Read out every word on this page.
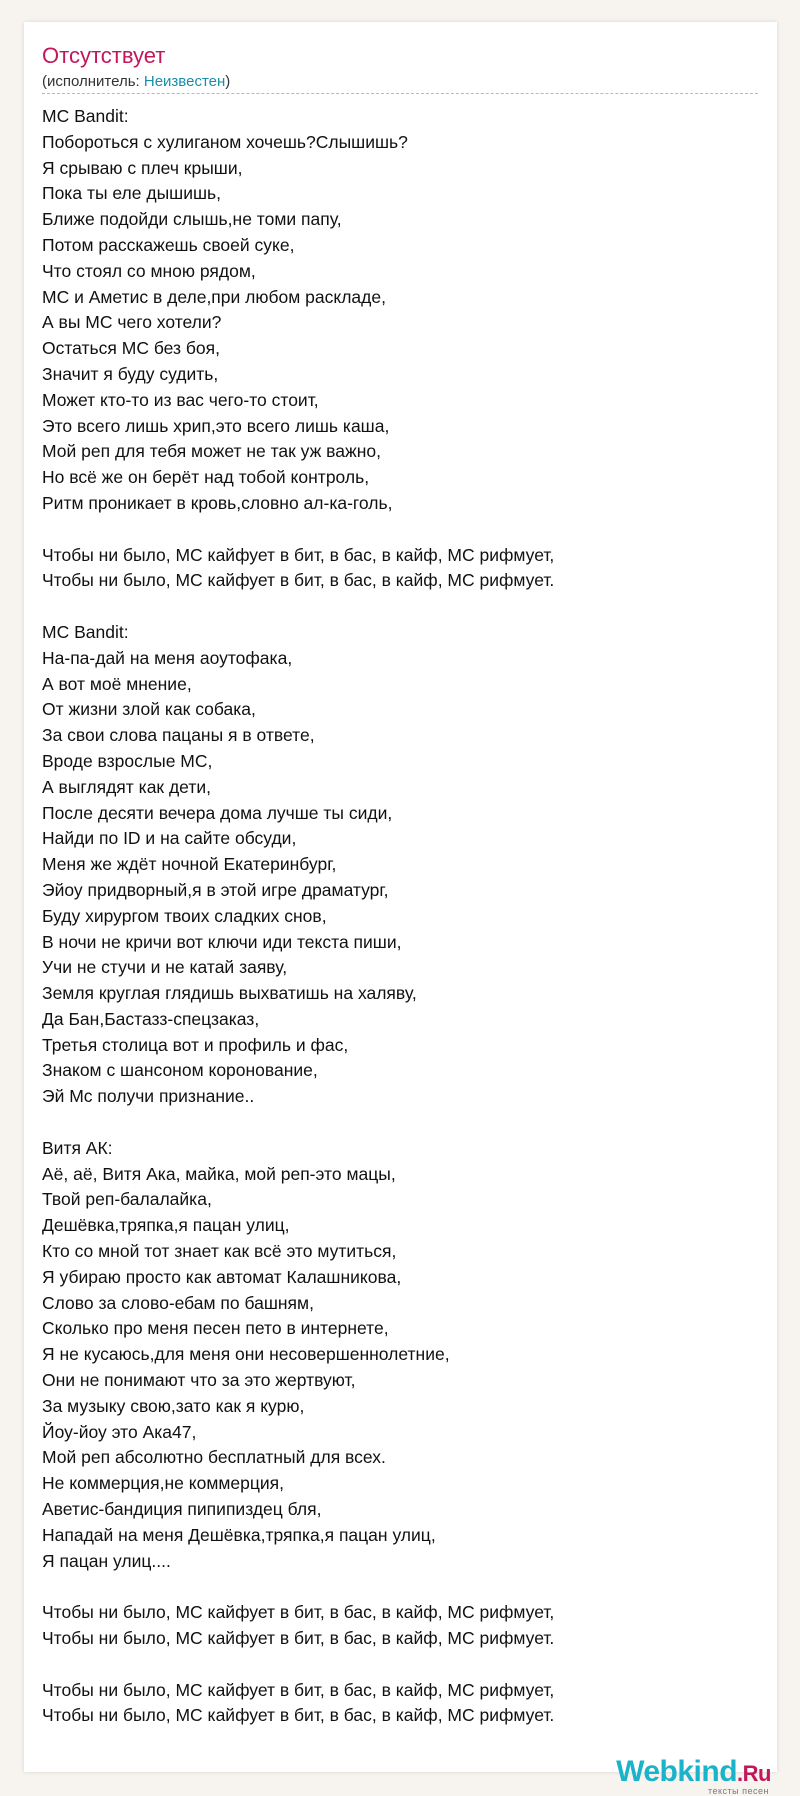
Отсутствует
(исполнитель: Неизвестен)
MC Bandit:
Побороться с хулиганом хочешь?Слышишь?
Я срываю с плеч крыши,
Пока ты еле дышишь,
Ближе подойди слышь,не томи папу,
Потом расскажешь своей суке,
Что стоял со мною рядом,
MC и Аметис в деле,при любом раскладе,
А вы MC чего хотели?
Остаться MC без боя,
Значит я буду судить,
Может кто-то из вас чего-то стоит,
Это всего лишь хрип,это всего лишь каша,
Мой реп для тебя может не так уж важно,
Но всё же он берёт над тобой контроль,
Ритм проникает в кровь,словно ал-ка-голь,
Чтобы ни было, MC кайфует в бит, в бас, в кайф, MC рифмует,
Чтобы ни было, MC кайфует в бит, в бас, в кайф, MC рифмует.
MC Bandit:
На-па-дай на меня аоутофака,
А вот моё мнение,
От жизни злой как собака,
За свои слова пацаны я в ответе,
Вроде взрослые MC,
А выглядят как дети,
После десяти вечера дома лучше ты сиди,
Найди по ID и на сайте обсуди,
Меня же ждёт ночной Екатеринбург,
Эйоу придворный,я в этой игре драматург,
Буду хирургом твоих сладких снов,
В ночи не кричи вот ключи иди текста пиши,
Учи не стучи и не катай заяву,
Земля круглая глядишь выхватишь на халяву,
Да Бан,Бастазз-спецзаказ,
Третья столица вот и профиль и фас,
Знаком с шансоном коронование,
Эй Mc получи признание..
Витя АК:
Аё, аё, Витя Ака, майка, мой реп-это мацы,
Твой реп-балалайка,
Дешёвка,тряпка,я пацан улиц,
Кто со мной тот знает как всё это мутиться,
Я убираю просто как автомат Калашникова,
Слово за слово-ебам по башням,
Сколько про меня песен пето в интернете,
Я не кусаюсь,для меня они несовершеннолетние,
Они не понимают что за это жертвуют,
За музыку свою,зато как я курю,
Йоу-йоу это Ака47,
Мой реп абсолютно бесплатный для всех.
Не коммерция,не коммерция,
Аветис-бандиция пипипиздец бля,
Нападай на меня Дешёвка,тряпка,я пацан улиц,
Я пацан улиц....
Чтобы ни было, MC кайфует в бит, в бас, в кайф, MC рифмует,
Чтобы ни было, MC кайфует в бит, в бас, в кайф, MC рифмует.
Чтобы ни было, MC кайфует в бит, в бас, в кайф, MC рифмует,
Чтобы ни было, MC кайфует в бит, в бас, в кайф, MC рифмует.
Webkind.Ru
тексты песен
